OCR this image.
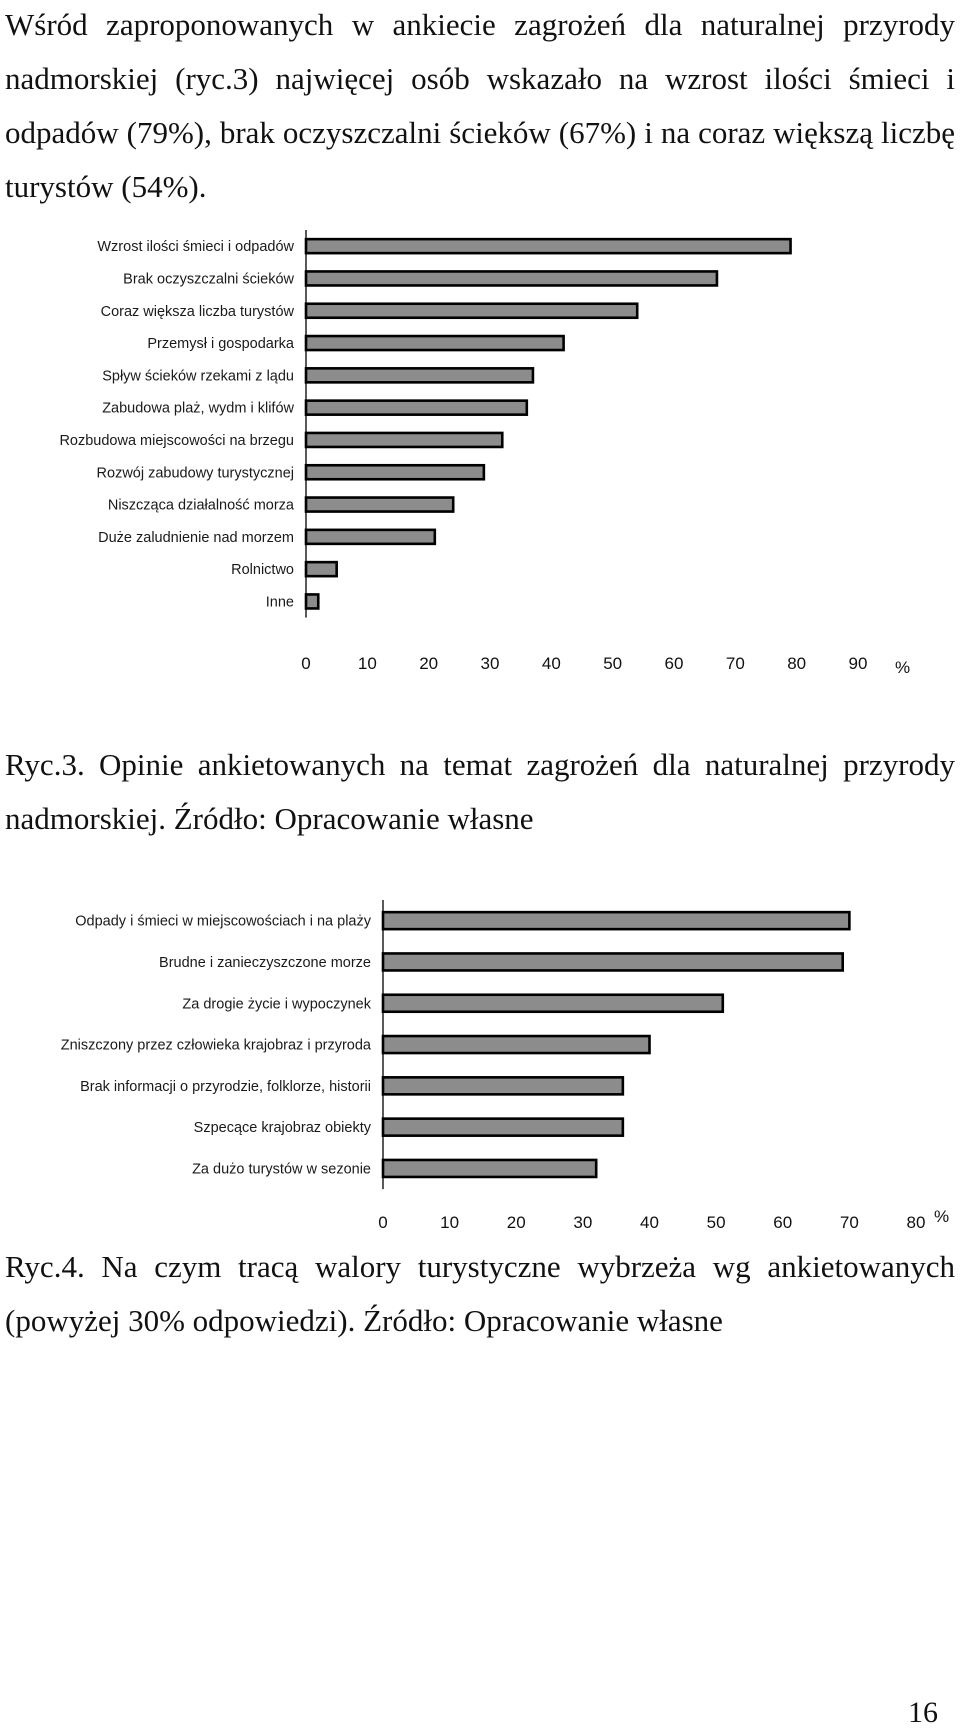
Wśród zaproponowanych w ankiecie zagrożeń dla naturalnej przyrody nadmorskiej (ryc.3) najwięcej osób wskazało na wzrost ilości śmieci i odpadów (79%), brak oczyszczalni ścieków (67%) i na coraz większą liczbę turystów (54%).

Wzrost ilości śmieci i odpadów
Brak oczyszczalni ścieków
Coraz większa liczba turystów
Przemysł i gospodarka
Spływ ścieków rzekami z lądu
Zabudowa plaż, wydm i klifów
Rozbudowa miejscowości na brzegu
Rozwój zabudowy turystycznej
Niszcząca działalność morza
Duże zaludnienie nad morzem
Rolnictwo
Inne
0	10 20 30 40 50 60 70 80 90 %

Ryc.3. Opinie ankietowanych na temat zagrożeń dla naturalnej przyrody nadmorskiej. Źródło: Opracowanie własne

Odpady i śmieci w miejscowościach i na plaży
Brudne i zanieczyszczone morze
Za drogie życie i wypoczynek
Zniszczony przez człowieka krajobraz i przyroda
Brak informacji o przyrodzie, folklorze, historii
Szpecące krajobraz obiekty
Za dużo turystów w sezonie
0	10	20	30	40	50	60	70	80 %

Ryc.4. Na czym tracą walory turystyczne wybrzeża wg ankietowanych (powyżej 30% odpowiedzi). Źródło: Opracowanie własne

16
